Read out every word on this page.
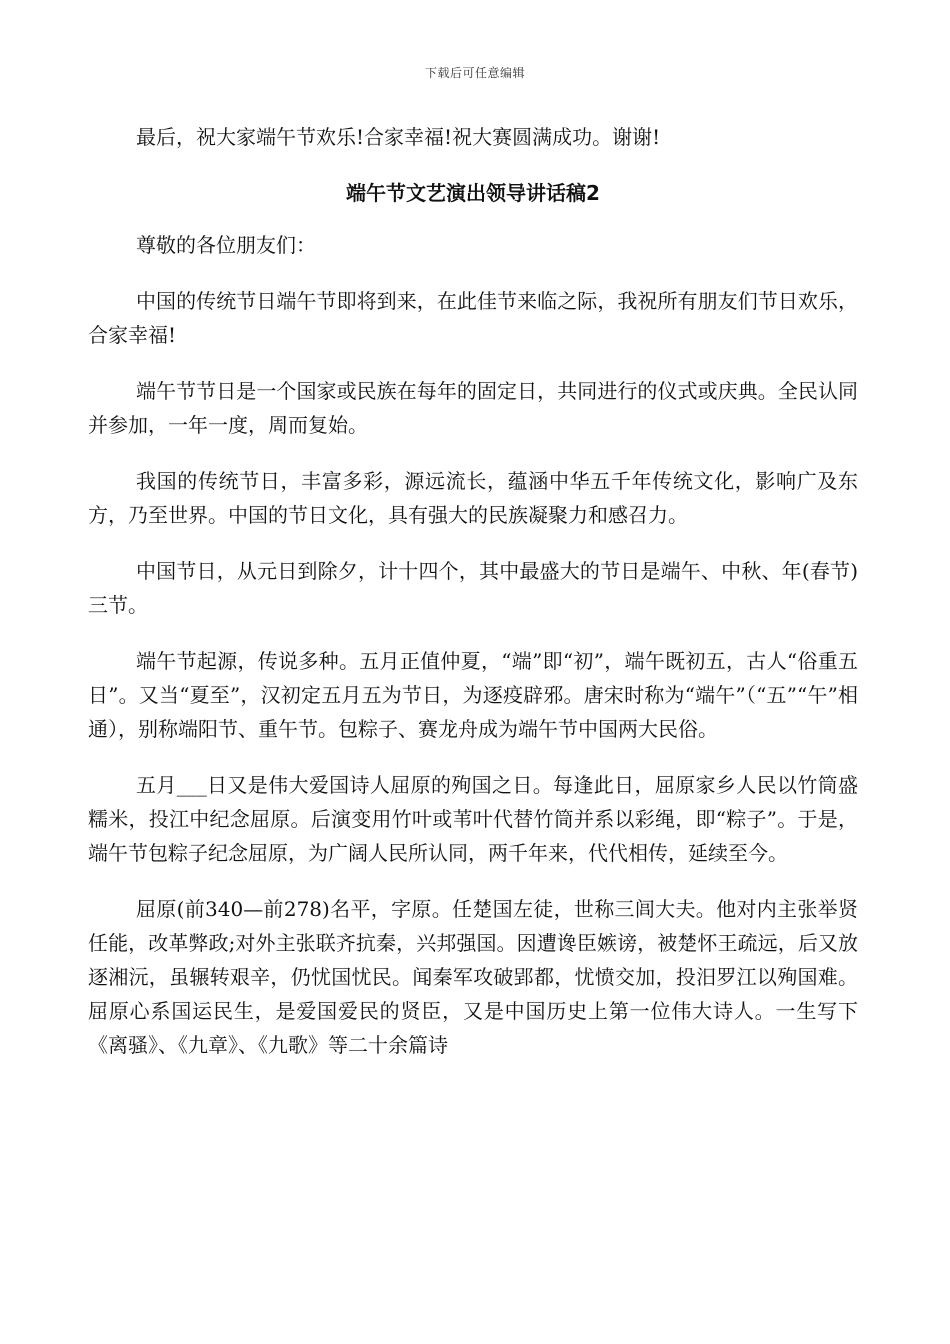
下载后可任意编辑

最后，祝大家端午节欢乐!合家幸福!祝大赛圆满成功。谢谢!

端午节文艺演出领导讲话稿2

尊敬的各位朋友们：

中国的传统节日端午节即将到来，在此佳节来临之际，我祝所有朋友们节日欢乐，合家幸福!

端午节节日是一个国家或民族在每年的固定日，共同进行的仪式或庆典。全民认同并参加，一年一度，周而复始。

我国的传统节日，丰富多彩，源远流长，蕴涵中华五千年传统文化，影响广及东方，乃至世界。中国的节日文化，具有强大的民族凝聚力和感召力。

中国节日，从元日到除夕，计十四个，其中最盛大的节日是端午、中秋、年(春节)三节。

端午节起源，传说多种。五月正值仲夏，“端”即“初”，端午既初五，古人“俗重五日”。又当“夏至”，汉初定五月五为节日，为逐疫辟邪。唐宋时称为“端午”（“五”“午”相通），别称端阳节、重午节。包粽子、赛龙舟成为端午节中国两大民俗。

五月___日又是伟大爱国诗人屈原的殉国之日。每逢此日，屈原家乡人民以竹筒盛糯米，投江中纪念屈原。后演变用竹叶或苇叶代替竹筒并系以彩绳，即“粽子”。于是，端午节包粽子纪念屈原，为广阔人民所认同，两千年来，代代相传，延续至今。

屈原(前340—前278)名平，字原。任楚国左徒，世称三闾大夫。他对内主张举贤任能，改革弊政;对外主张联齐抗秦，兴邦强国。因遭谗臣嫉谤，被楚怀王疏远，后又放逐湘沅，虽辗转艰辛，仍忧国忧民。闻秦军攻破郢都，忧愤交加，投汨罗江以殉国难。 屈原心系国运民生，是爱国爱民的贤臣，又是中国历史上第一位伟大诗人。一生写下《离骚》、《九章》、《九歌》等二十余篇诗
